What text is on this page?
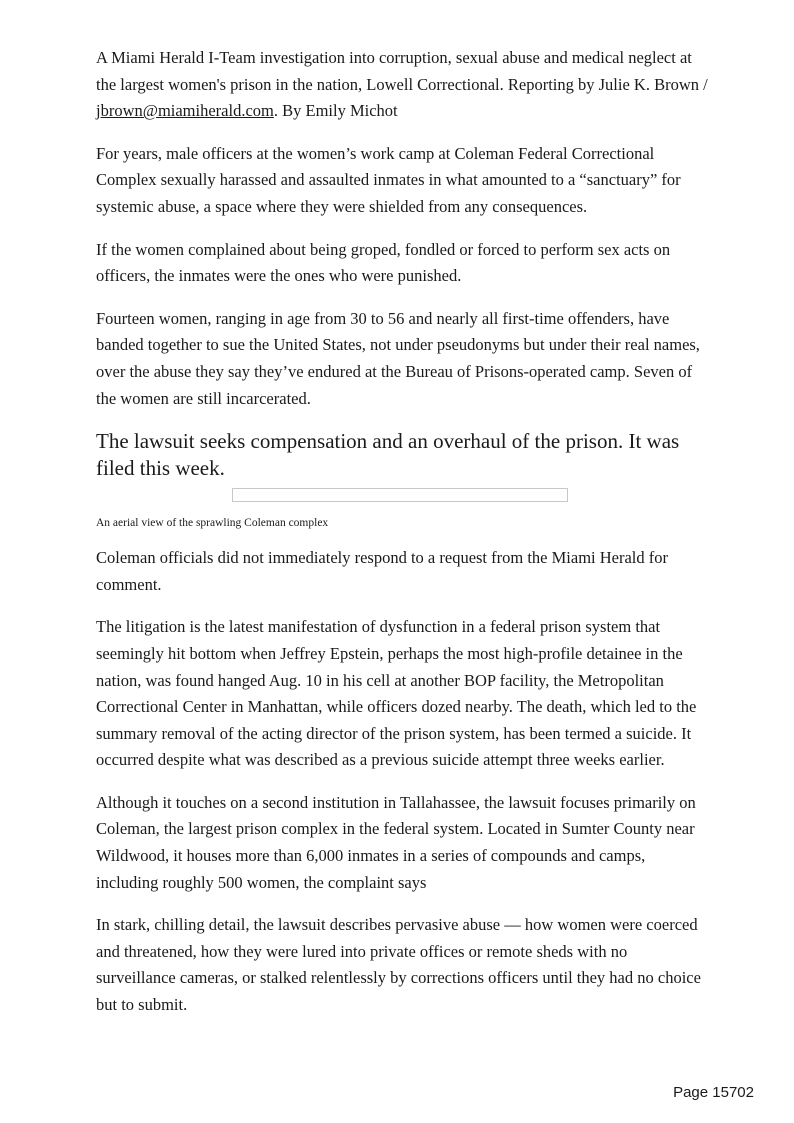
A Miami Herald I-Team investigation into corruption, sexual abuse and medical neglect at the largest women's prison in the nation, Lowell Correctional. Reporting by Julie K. Brown / jbrown@miamiherald.com. By Emily Michot

For years, male officers at the women’s work camp at Coleman Federal Correctional Complex sexually harassed and assaulted inmates in what amounted to a “sanctuary” for systemic abuse, a space where they were shielded from any consequences.

If the women complained about being groped, fondled or forced to perform sex acts on officers, the inmates were the ones who were punished.

Fourteen women, ranging in age from 30 to 56 and nearly all first-time offenders, have banded together to sue the United States, not under pseudonyms but under their real names, over the abuse they say they’ve endured at the Bureau of Prisons-operated camp. Seven of the women are still incarcerated.

The lawsuit seeks compensation and an overhaul of the prison. It was filed this week.

An aerial view of the sprawling Coleman complex

Coleman officials did not immediately respond to a request from the Miami Herald for comment.

The litigation is the latest manifestation of dysfunction in a federal prison system that seemingly hit bottom when Jeffrey Epstein, perhaps the most high-profile detainee in the nation, was found hanged Aug. 10 in his cell at another BOP facility, the Metropolitan Correctional Center in Manhattan, while officers dozed nearby. The death, which led to the summary removal of the acting director of the prison system, has been termed a suicide. It occurred despite what was described as a previous suicide attempt three weeks earlier.

Although it touches on a second institution in Tallahassee, the lawsuit focuses primarily on Coleman, the largest prison complex in the federal system. Located in Sumter County near Wildwood, it houses more than 6,000 inmates in a series of compounds and camps, including roughly 500 women, the complaint says

In stark, chilling detail, the lawsuit describes pervasive abuse — how women were coerced and threatened, how they were lured into private offices or remote sheds with no surveillance cameras, or stalked relentlessly by corrections officers until they had no choice but to submit.

Page 15702
